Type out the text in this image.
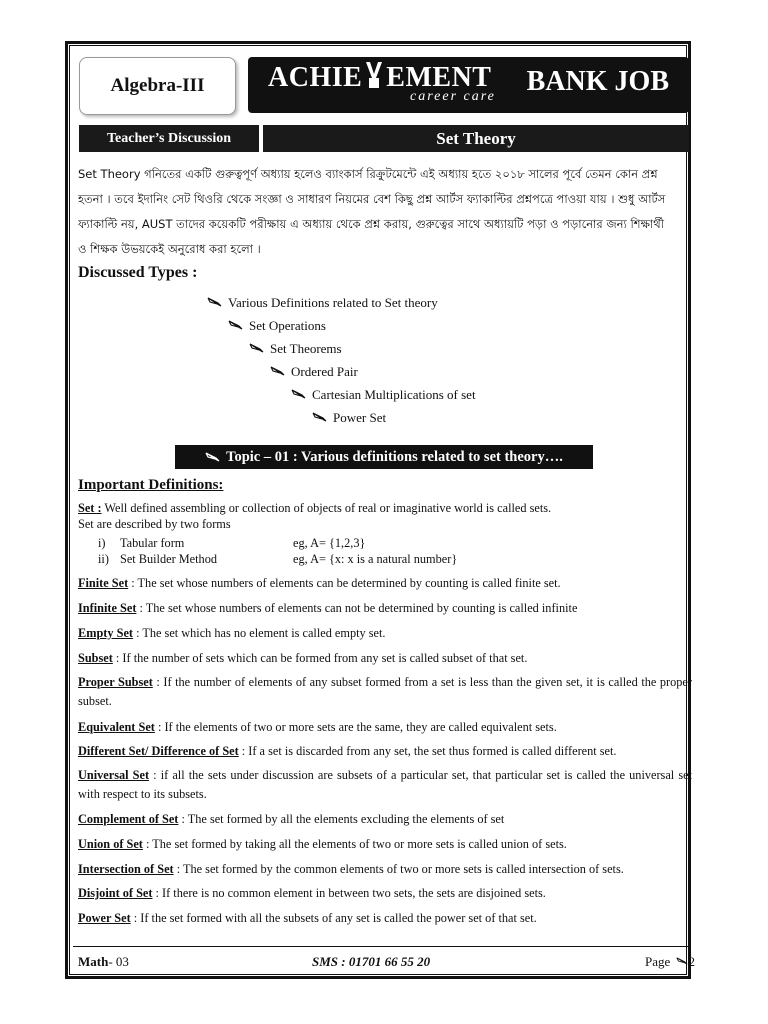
Algebra-III ACHIE EMENT
career care BANK JOB
Teacher’s Discussion	Set Theory
Set Theory গনিতের একটি গুরুত্বপূর্ণ অধ্যায় হলেও ব্যাংকার্স রিক্রুটমেন্টে এই অধ্যায় হতে ২০১৮ সালের পূর্বে তেমন কোন প্রশ্ন
হতনা । তবে ইদানিং সেট থিওরি থেকে সংজ্ঞা ও সাধারণ নিয়মের বেশ কিছু প্রশ্ন আর্টস ফ্যাকাল্টির প্রশ্নপত্রে পাওয়া যায় । শুধু আর্টস
ফ্যাকাল্টি নয়, AUST তাদের কয়েকটি পরীক্ষায় এ অধ্যায় থেকে প্রশ্ন করায়, গুরুত্বের সাথে অধ্যায়টি পড়া ও পড়ানোর জন্য শিক্ষার্থী
ও শিক্ষক উভয়কেই অনুরোধ করা হলো ।
Discussed Types :
Various Definitions related to Set theory
Set Operations
Set Theorems
Ordered Pair
Cartesian Multiplications of set
Power Set
Topic – 01 : Various definitions related to set theory….
Important Definitions:
Set : Well defined assembling or collection of objects of real or imaginative world is called sets.
Set are described by two forms
i) Tabular form	eg, A= {1,2,3}
ii) Set Builder Method	eg, A= {x: x is a natural number}
Finite Set : The set whose numbers of elements can be determined by counting is called finite set.
Infinite Set : The set whose numbers of elements can not be determined by counting is called infinite
Empty Set : The set which has no element is called empty set.
Subset : If the number of sets which can be formed from any set is called subset of that set.
Proper Subset : If the number of elements of any subset formed from a set is less than the given set, it is called the proper subset.
Equivalent Set : If the elements of two or more sets are the same, they are called equivalent sets.
Different Set/ Difference of Set : If a set is discarded from any set, the set thus formed is called different set.
Universal Set : if all the sets under discussion are subsets of a particular set, that particular set is called the universal set with respect to its subsets.
Complement of Set : The set formed by all the elements excluding the elements of set
Union of Set : The set formed by taking all the elements of two or more sets is called union of sets.
Intersection of Set : The set formed by the common elements of two or more sets is called intersection of sets.
Disjoint of Set : If there is no common element in between two sets, the sets are disjoined sets.
Power Set : If the set formed with all the subsets of any set is called the power set of that set.
Math- 03	SMS : 01701 66 55 20	Page 2
